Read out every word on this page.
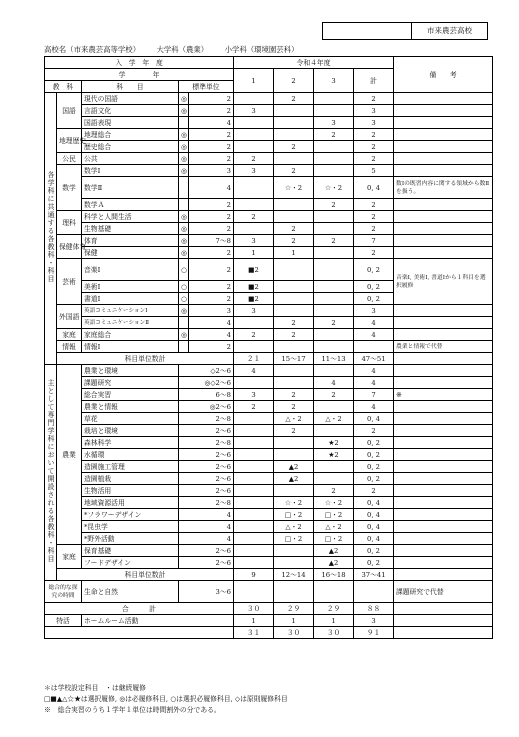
市来農芸高校
高校名（市来農芸高等学校） 大学科（農業） 小学科（環境園芸科）
入　学　年　度					令和４年度				備　　考
学　　　　年					1	2	3	計	
教　科		科　　目	標準単位						
各学科に共通する各教科・科目	国語	現代の国語	◎	2		2		2	
		言語文化	◎	2	3			3	
		国語表現		4			3	3	
	地理歴史	地理総合	◎	2			2	2	
		歴史総合	◎	2		2		2	
	公民	公共	◎	2	2			2	
	数学	数学Ⅰ	◎	3	3	2		5	
		数学Ⅱ		4		☆・2	☆・2	0, 4	数Ⅰの既習内容に関する領域から数Ⅱを扱う。
		数学Ａ		2			2	2	
	理科	科学と人間生活	◎	2	2			2	
		生物基礎	◎	2		2		2	
	保健体育	体育	◎	7～8	3	2	2	7	
		保健	◎	2	1	1		2	
	芸術	音楽Ⅰ	○	2	■2			0, 2	音楽Ⅰ, 美術Ⅰ, 書道Ⅰから１科目を選択履修
		美術Ⅰ	○	2	■2			0, 2	
		書道Ⅰ	○	2	■2			0, 2	
	外国語	英語コミュニケーションⅠ	◎	3	3			3	
		英語コミュニケーションⅡ		4		2	2	4	
	家庭	家庭総合	◎	4	2	2		4	
	情報	情報Ⅰ		2					農業と情報で代替
	科目単位数計				２１	15～17	11～13	47～51	
主として専門学科において開設される各教科・科目	農業	農業と環境	◇2～6		4			4	
		課題研究	◎◇2～6				4	4	
		総合実習	6～8		3	2	2	7	※
		農業と情報	◎2～6		2	2		4	
		草花	2～8			△・2	△・2	0, 4	
		栽培と環境	2～6			2		2	
		森林科学	2～8				★2	0, 2	
		水循環	2～6				★2	0, 2	
		造園施工管理	2～6			▲2		0, 2	
		造園植栽	2～6			▲2		0, 2	
		生物活用	2～6				2	2	
		地域資源活用	2～8			☆・2	☆・2	0, 4	
		*フラワーデザイン	4			□・2	□・2	0, 4	
		*昆虫学	4			△・2	△・2	0, 4	
		*野外活動	4			□・2	□・2	0, 4	
	家庭	保育基礎	2～6				▲2	0, 2	
		フードデザイン	2～6				▲2	0, 2	
	科目単位数計				9	12～14	16～18	37～41	
総合的な探究の時間		生命と自然	3～6						課題研究で代替
合　　　計					３０	２９	２９	８８	
特活		ホームルーム活動			1	1	1	3	
					３１	３０	３０	９１	
＊は学校設定科目　・は継続履修
□■▲△☆★は選択履修, ◎は必履修科目, ○は選択必履修科目, ◇は原則履修科目
※　総合実習のうち１学年１単位は時間割外の分である。
